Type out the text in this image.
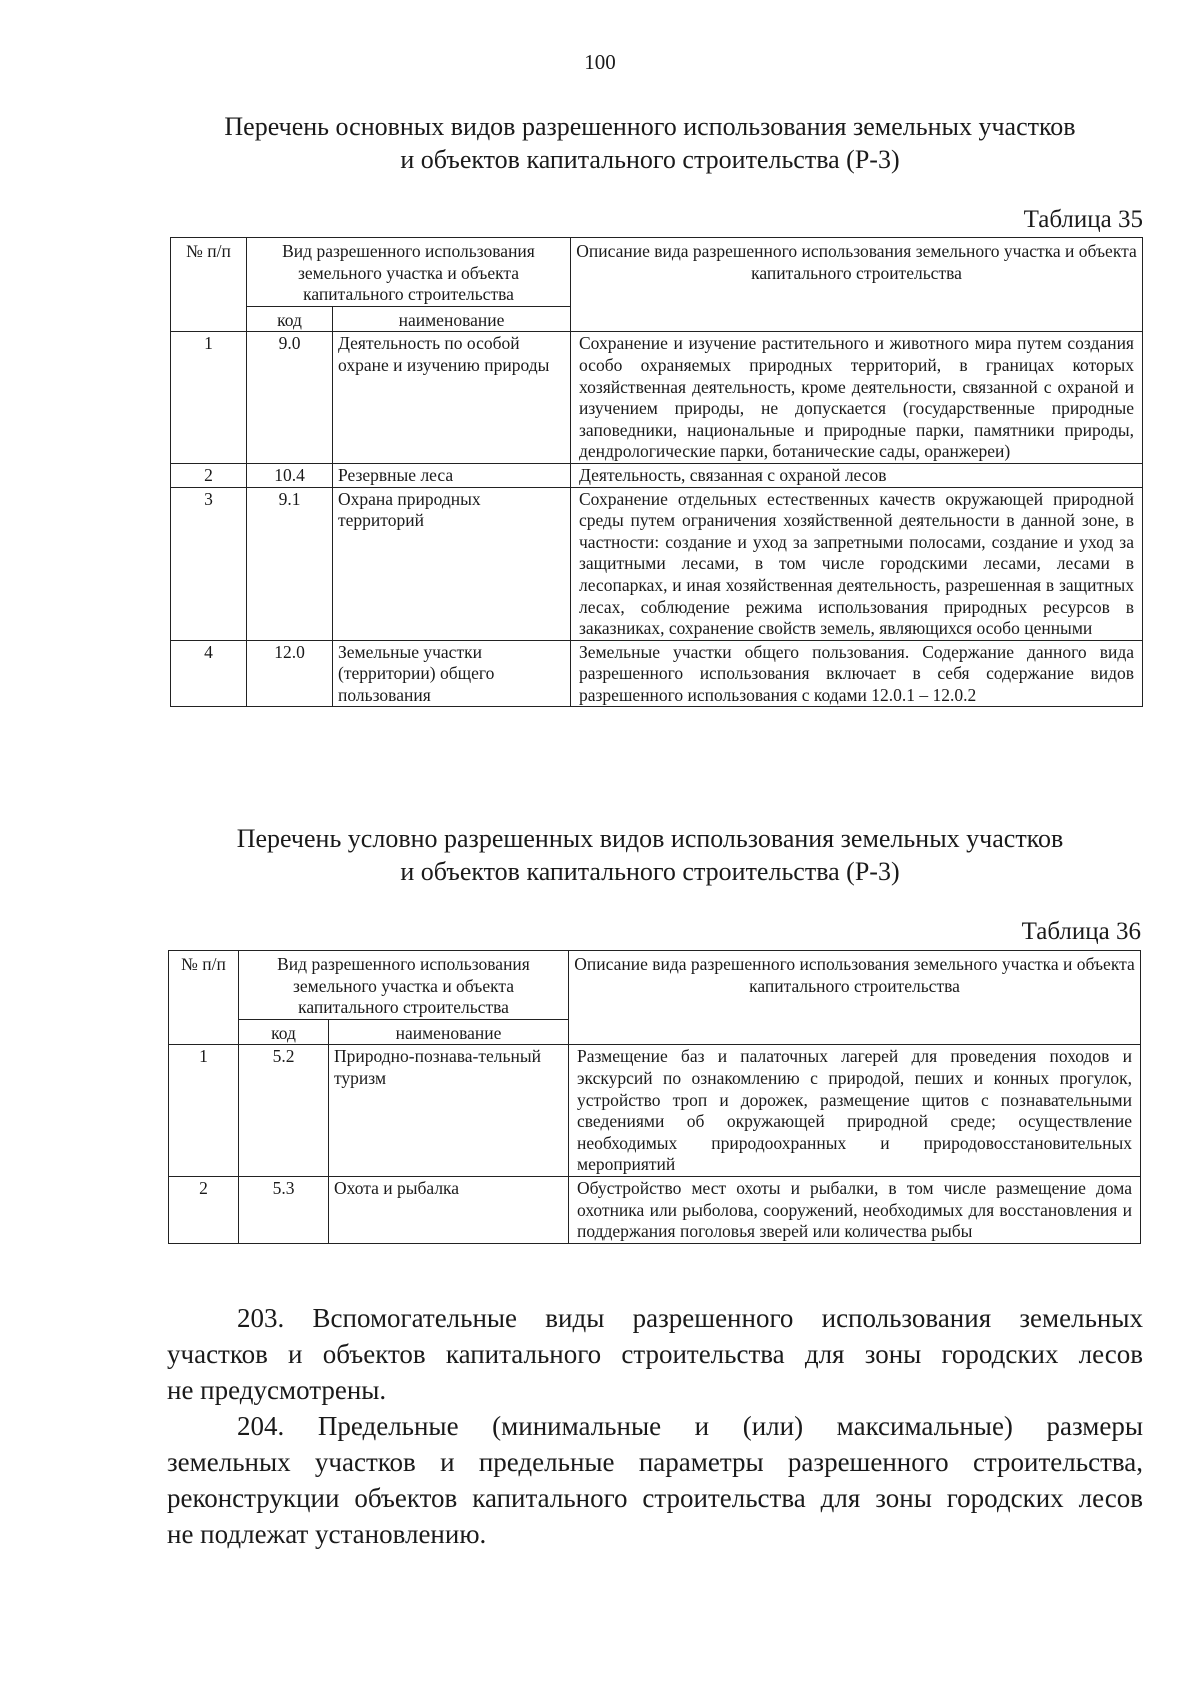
100
Перечень основных видов разрешенного использования земельных участков
и объектов капитального строительства (Р-3)
Таблица 35
№ п/п	Вид разрешенного использования земельного участка и объекта капитального строительства		Описание вида разрешенного использования земельного участка и объекта капитального строительства
	код	наименование	
1	9.0	Деятельность по особой охране и изучению природы	Сохранение и изучение растительного и животного мира путем создания особо охраняемых природных территорий, в границах которых хозяйственная деятельность, кроме деятельности, связанной с охраной и изучением природы, не допускается (государственные природные заповедники, национальные и природные парки, памятники природы, дендрологические парки, ботанические сады, оранжереи)
2	10.4	Резервные леса	Деятельность, связанная с охраной лесов
3	9.1	Охрана природных территорий	Сохранение отдельных естественных качеств окружающей природной среды путем ограничения хозяйственной деятельности в данной зоне, в частности: создание и уход за запретными полосами, создание и уход за защитными лесами, в том числе городскими лесами, лесами в лесопарках, и иная хозяйственная деятельность, разрешенная в защитных лесах, соблюдение режима использования природных ресурсов в заказниках, сохранение свойств земель, являющихся особо ценными
4	12.0	Земельные участки (территории) общего пользования	Земельные участки общего пользования. Содержание данного вида разрешенного использования включает в себя содержание видов разрешенного использования с кодами 12.0.1 – 12.0.2
Перечень условно разрешенных видов использования земельных участков
и объектов капитального строительства (Р-3)
Таблица 36
№ п/п	Вид разрешенного использования земельного участка и объекта капитального строительства		Описание вида разрешенного использования земельного участка и объекта капитального строительства
	код	наименование	
1	5.2	Природно-познава-тельный туризм	Размещение баз и палаточных лагерей для проведения походов и экскурсий по ознакомлению с природой, пеших и конных прогулок, устройство троп и дорожек, размещение щитов с познавательными сведениями об окружающей природной среде; осуществление необходимых природоохранных и природовосстановительных мероприятий
2	5.3	Охота и рыбалка	Обустройство мест охоты и рыбалки, в том числе размещение дома охотника или рыболова, сооружений, необходимых для восстановления и поддержания поголовья зверей или количества рыбы
203. Вспомогательные виды разрешенного использования земельных
участков и объектов капитального строительства для зоны городских лесов
не предусмотрены.
204. Предельные (минимальные и (или) максимальные) размеры
земельных участков и предельные параметры разрешенного строительства,
реконструкции объектов капитального строительства для зоны городских лесов
не подлежат установлению.
